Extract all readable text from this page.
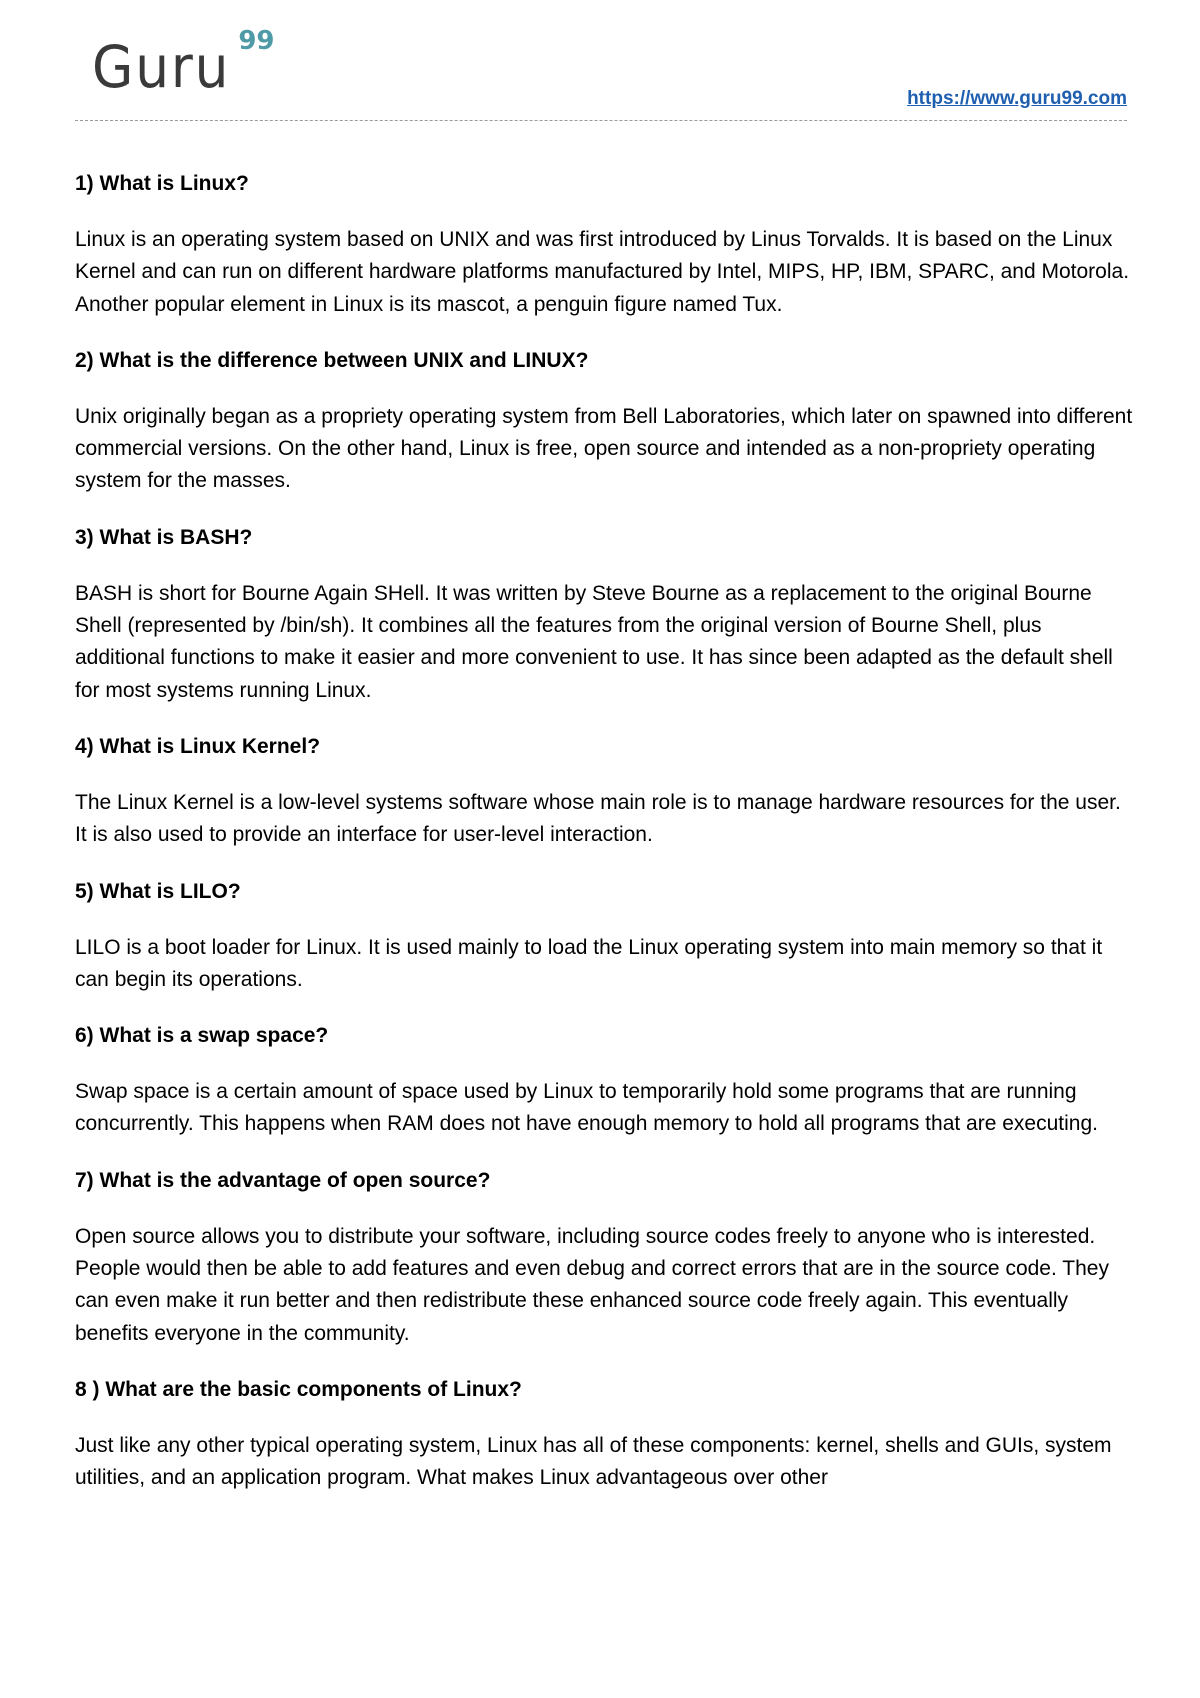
Guru 99
https://www.guru99.com

1) What is Linux?

Linux is an operating system based on UNIX and was first introduced by Linus Torvalds. It is based on the Linux Kernel and can run on different hardware platforms manufactured by Intel, MIPS, HP, IBM, SPARC, and Motorola. Another popular element in Linux is its mascot, a penguin figure named Tux.

2) What is the difference between UNIX and LINUX?

Unix originally began as a propriety operating system from Bell Laboratories, which later on spawned into different commercial versions. On the other hand, Linux is free, open source and intended as a non-propriety operating system for the masses.

3) What is BASH?

BASH is short for Bourne Again SHell. It was written by Steve Bourne as a replacement to the original Bourne Shell (represented by /bin/sh). It combines all the features from the original version of Bourne Shell, plus additional functions to make it easier and more convenient to use. It has since been adapted as the default shell for most systems running Linux.

4) What is Linux Kernel?

The Linux Kernel is a low-level systems software whose main role is to manage hardware resources for the user. It is also used to provide an interface for user-level interaction.

5) What is LILO?

LILO is a boot loader for Linux. It is used mainly to load the Linux operating system into main memory so that it can begin its operations.

6) What is a swap space?

Swap space is a certain amount of space used by Linux to temporarily hold some programs that are running concurrently. This happens when RAM does not have enough memory to hold all programs that are executing.

7) What is the advantage of open source?

Open source allows you to distribute your software, including source codes freely to anyone who is interested. People would then be able to add features and even debug and correct errors that are in the source code. They can even make it run better and then redistribute these enhanced source code freely again. This eventually benefits everyone in the community.

8 ) What are the basic components of Linux?

Just like any other typical operating system, Linux has all of these components: kernel, shells and GUIs, system utilities, and an application program. What makes Linux advantageous over other
